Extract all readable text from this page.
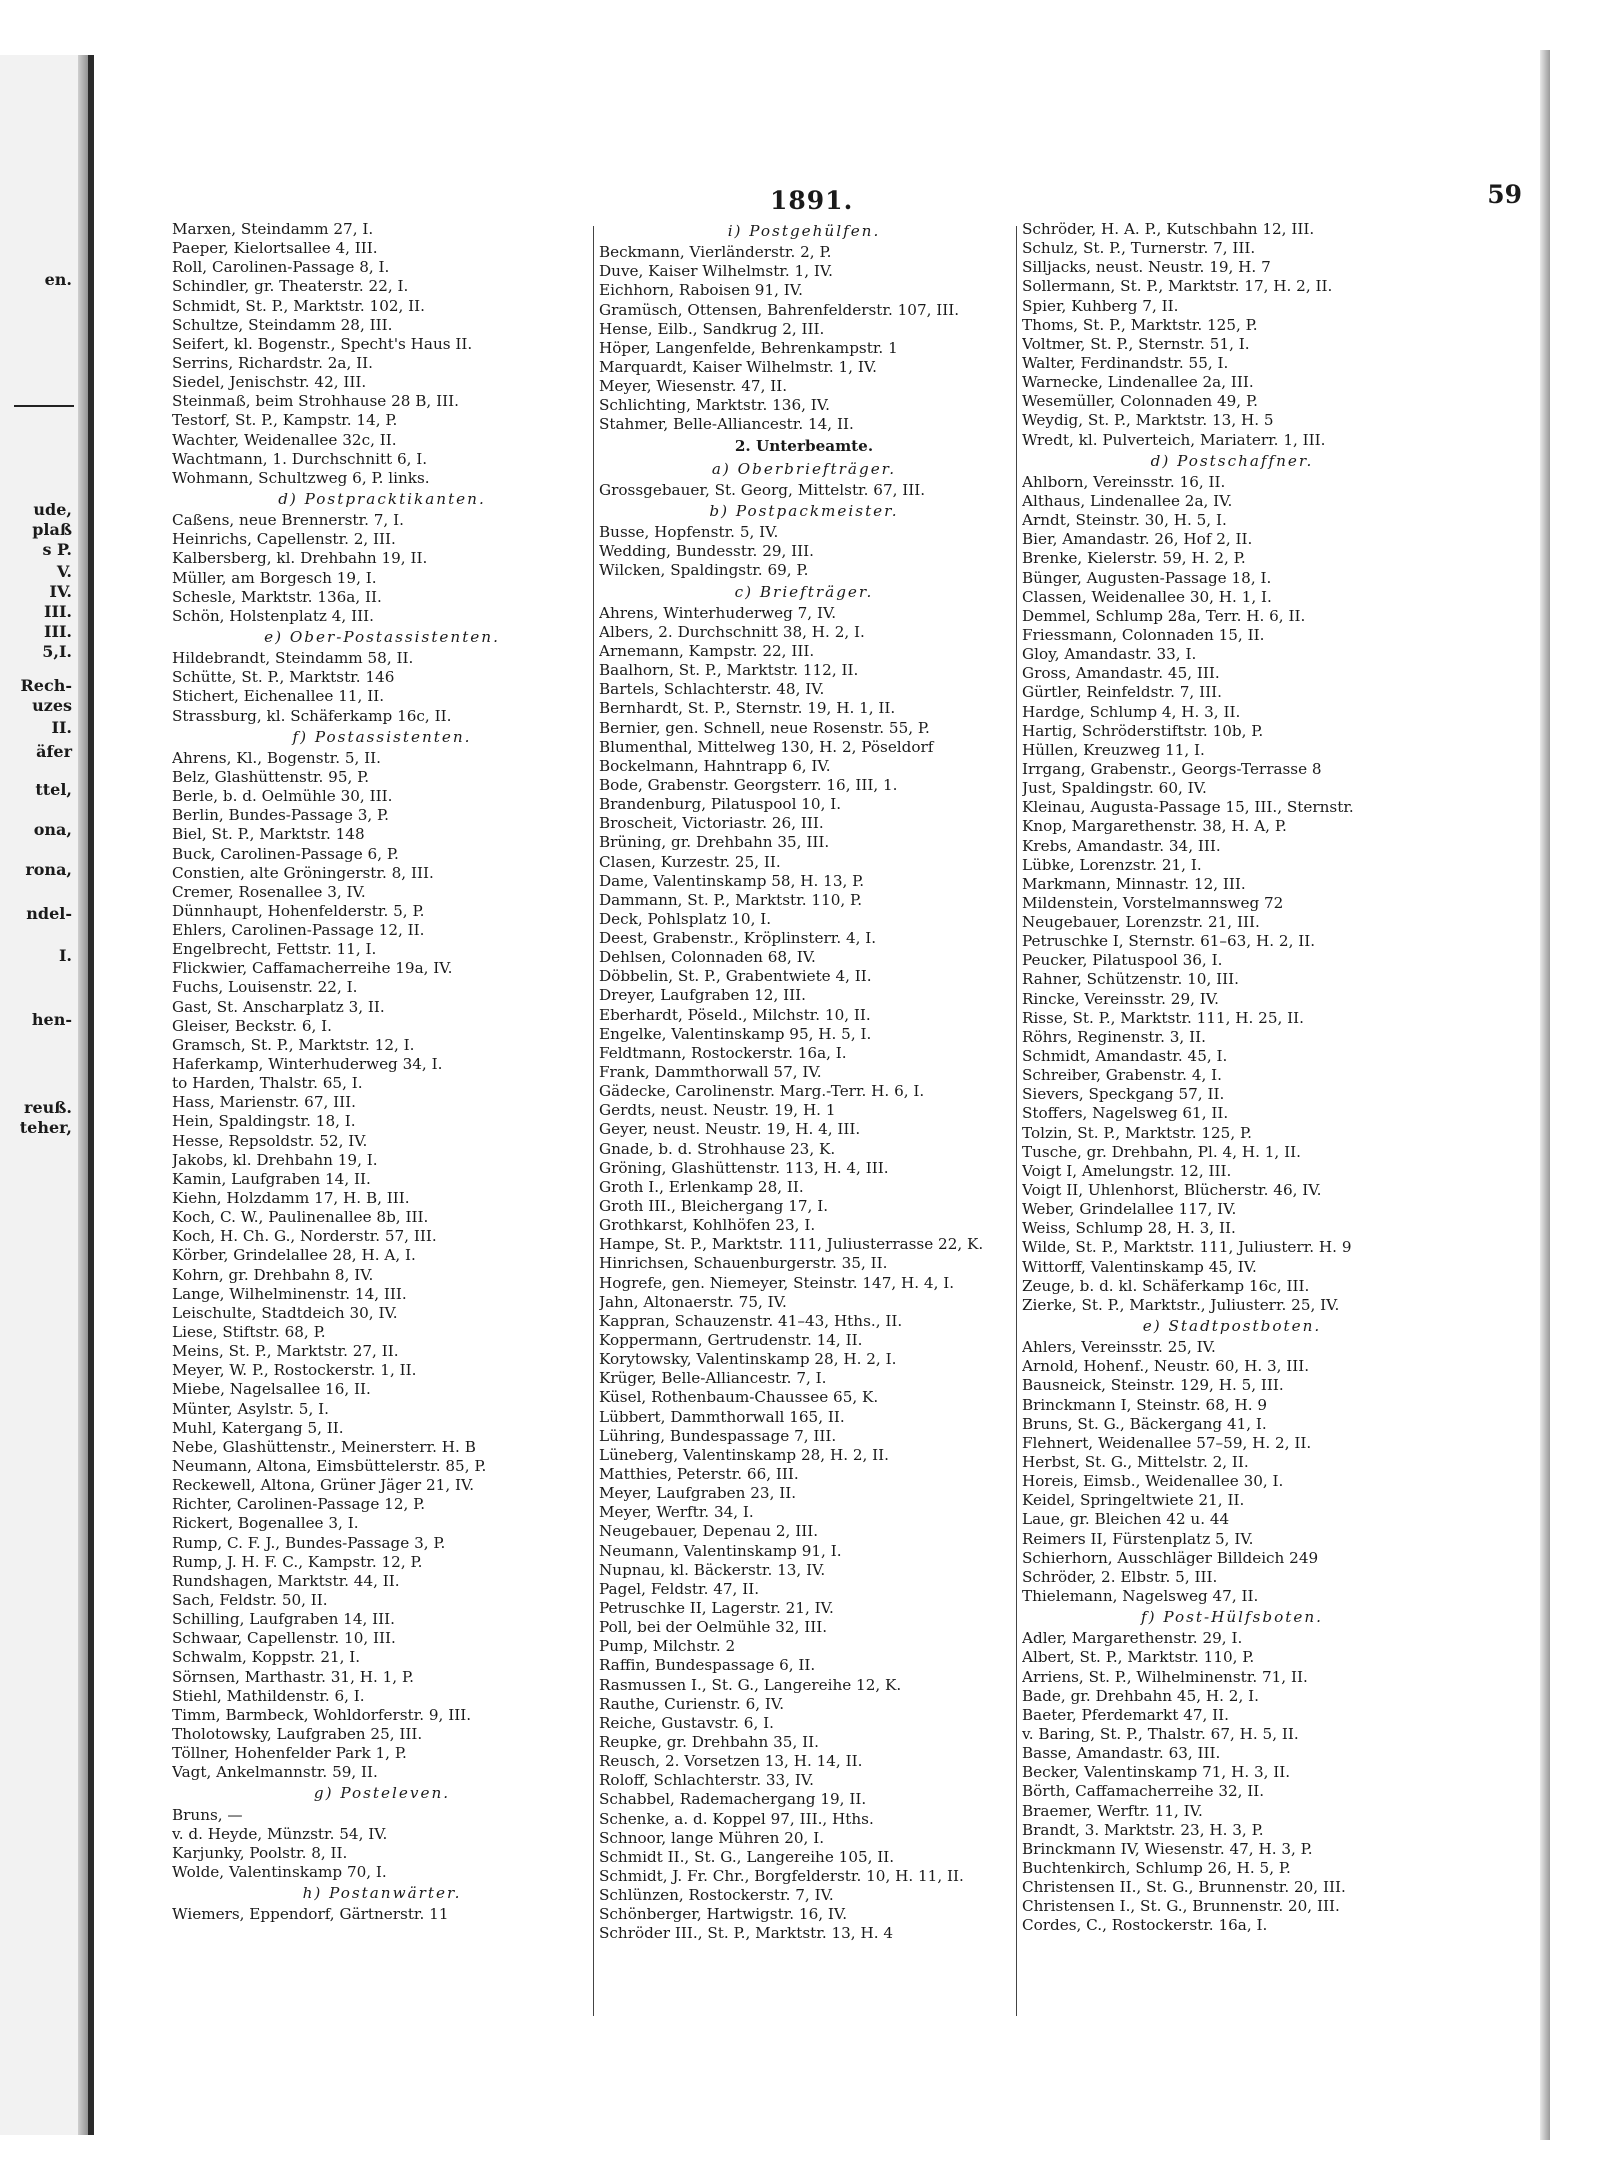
en.
ude,
plaß
s P.
V.
IV.
III.
III.
5,I.
Rech-
uzes
II.
äfer
ttel,
ona,
rona,
ndel-
I.
hen-
reuß.
teher,
1891.	59
Marxen, Steindamm 27, I.
Paeper, Kielortsallee 4, III.
Roll, Carolinen-Passage 8, I.
Schindler, gr. Theaterstr. 22, I.
Schmidt, St. P., Marktstr. 102, II.
Schultze, Steindamm 28, III.
Seifert, kl. Bogenstr., Specht's Haus II.
Serrins, Richardstr. 2a, II.
Siedel, Jenischstr. 42, III.
Steinmaß, beim Strohhause 28 B, III.
Testorf, St. P., Kampstr. 14, P.
Wachter, Weidenallee 32c, II.
Wachtmann, 1. Durchschnitt 6, I.
Wohmann, Schultzweg 6, P. links.
d) Postpracktikanten.
Caßens, neue Brennerstr. 7, I.
Heinrichs, Capellenstr. 2, III.
Kalbersberg, kl. Drehbahn 19, II.
Müller, am Borgesch 19, I.
Schesle, Marktstr. 136a, II.
Schön, Holstenplatz 4, III.
e) Ober-Postassistenten.
Hildebrandt, Steindamm 58, II.
Schütte, St. P., Marktstr. 146
Stichert, Eichenallee 11, II.
Strassburg, kl. Schäferkamp 16c, II.
f) Postassistenten.
Ahrens, Kl., Bogenstr. 5, II.
Belz, Glashüttenstr. 95, P.
Berle, b. d. Oelmühle 30, III.
Berlin, Bundes-Passage 3, P.
Biel, St. P., Marktstr. 148
Buck, Carolinen-Passage 6, P.
Constien, alte Gröningerstr. 8, III.
Cremer, Rosenallee 3, IV.
Dünnhaupt, Hohenfelderstr. 5, P.
Ehlers, Carolinen-Passage 12, II.
Engelbrecht, Fettstr. 11, I.
Flickwier, Caffamacherreihe 19a, IV.
Fuchs, Louisenstr. 22, I.
Gast, St. Anscharplatz 3, II.
Gleiser, Beckstr. 6, I.
Gramsch, St. P., Marktstr. 12, I.
Haferkamp, Winterhuderweg 34, I.
to Harden, Thalstr. 65, I.
Hass, Marienstr. 67, III.
Hein, Spaldingstr. 18, I.
Hesse, Repsoldstr. 52, IV.
Jakobs, kl. Drehbahn 19, I.
Kamin, Laufgraben 14, II.
Kiehn, Holzdamm 17, H. B, III.
Koch, C. W., Paulinenallee 8b, III.
Koch, H. Ch. G., Norderstr. 57, III.
Körber, Grindelallee 28, H. A, I.
Kohrn, gr. Drehbahn 8, IV.
Lange, Wilhelminenstr. 14, III.
Leischulte, Stadtdeich 30, IV.
Liese, Stiftstr. 68, P.
Meins, St. P., Marktstr. 27, II.
Meyer, W. P., Rostockerstr. 1, II.
Miebe, Nagelsallee 16, II.
Münter, Asylstr. 5, I.
Muhl, Katergang 5, II.
Nebe, Glashüttenstr., Meinersterr. H. B
Neumann, Altona, Eimsbüttelerstr. 85, P.
Reckewell, Altona, Grüner Jäger 21, IV.
Richter, Carolinen-Passage 12, P.
Rickert, Bogenallee 3, I.
Rump, C. F. J., Bundes-Passage 3, P.
Rump, J. H. F. C., Kampstr. 12, P.
Rundshagen, Marktstr. 44, II.
Sach, Feldstr. 50, II.
Schilling, Laufgraben 14, III.
Schwaar, Capellenstr. 10, III.
Schwalm, Koppstr. 21, I.
Sörnsen, Marthastr. 31, H. 1, P.
Stiehl, Mathildenstr. 6, I.
Timm, Barmbeck, Wohldorferstr. 9, III.
Tholotowsky, Laufgraben 25, III.
Töllner, Hohenfelder Park 1, P.
Vagt, Ankelmannstr. 59, II.
g) Posteleven.
Bruns, —
v. d. Heyde, Münzstr. 54, IV.
Karjunky, Poolstr. 8, II.
Wolde, Valentinskamp 70, I.
h) Postanwärter.
Wiemers, Eppendorf, Gärtnerstr. 11
i) Postgehülfen.
Beckmann, Vierländerstr. 2, P.
Duve, Kaiser Wilhelmstr. 1, IV.
Eichhorn, Raboisen 91, IV.
Gramüsch, Ottensen, Bahrenfelderstr. 107, III.
Hense, Eilb., Sandkrug 2, III.
Höper, Langenfelde, Behrenkampstr. 1
Marquardt, Kaiser Wilhelmstr. 1, IV.
Meyer, Wiesenstr. 47, II.
Schlichting, Marktstr. 136, IV.
Stahmer, Belle-Alliancestr. 14, II.
2. Unterbeamte.
a) Oberbriefträger.
Grossgebauer, St. Georg, Mittelstr. 67, III.
b) Postpackmeister.
Busse, Hopfenstr. 5, IV.
Wedding, Bundesstr. 29, III.
Wilcken, Spaldingstr. 69, P.
c) Briefträger.
Ahrens, Winterhuderweg 7, IV.
Albers, 2. Durchschnitt 38, H. 2, I.
Arnemann, Kampstr. 22, III.
Baalhorn, St. P., Marktstr. 112, II.
Bartels, Schlachterstr. 48, IV.
Bernhardt, St. P., Sternstr. 19, H. 1, II.
Bernier, gen. Schnell, neue Rosenstr. 55, P.
Blumenthal, Mittelweg 130, H. 2, Pöseldorf
Bockelmann, Hahntrapp 6, IV.
Bode, Grabenstr. Georgsterr. 16, III, 1.
Brandenburg, Pilatuspool 10, I.
Broscheit, Victoriastr. 26, III.
Brüning, gr. Drehbahn 35, III.
Clasen, Kurzestr. 25, II.
Dame, Valentinskamp 58, H. 13, P.
Dammann, St. P., Marktstr. 110, P.
Deck, Pohlsplatz 10, I.
Deest, Grabenstr., Kröplinsterr. 4, I.
Dehlsen, Colonnaden 68, IV.
Döbbelin, St. P., Grabentwiete 4, II.
Dreyer, Laufgraben 12, III.
Eberhardt, Pöseld., Milchstr. 10, II.
Engelke, Valentinskamp 95, H. 5, I.
Feldtmann, Rostockerstr. 16a, I.
Frank, Dammthorwall 57, IV.
Gädecke, Carolinenstr. Marg.-Terr. H. 6, I.
Gerdts, neust. Neustr. 19, H. 1
Geyer, neust. Neustr. 19, H. 4, III.
Gnade, b. d. Strohhause 23, K.
Gröning, Glashüttenstr. 113, H. 4, III.
Groth I., Erlenkamp 28, II.
Groth III., Bleichergang 17, I.
Grothkarst, Kohlhöfen 23, I.
Hampe, St. P., Marktstr. 111, Juliusterrasse 22, K.
Hinrichsen, Schauenburgerstr. 35, II.
Hogrefe, gen. Niemeyer, Steinstr. 147, H. 4, I.
Jahn, Altonaerstr. 75, IV.
Kappran, Schauzenstr. 41–43, Hths., II.
Koppermann, Gertrudenstr. 14, II.
Korytowsky, Valentinskamp 28, H. 2, I.
Krüger, Belle-Alliancestr. 7, I.
Küsel, Rothenbaum-Chaussee 65, K.
Lübbert, Dammthorwall 165, II.
Lühring, Bundespassage 7, III.
Lüneberg, Valentinskamp 28, H. 2, II.
Matthies, Peterstr. 66, III.
Meyer, Laufgraben 23, II.
Meyer, Werftr. 34, I.
Neugebauer, Depenau 2, III.
Neumann, Valentinskamp 91, I.
Nupnau, kl. Bäckerstr. 13, IV.
Pagel, Feldstr. 47, II.
Petruschke II, Lagerstr. 21, IV.
Poll, bei der Oelmühle 32, III.
Pump, Milchstr. 2
Raffin, Bundespassage 6, II.
Rasmussen I., St. G., Langereihe 12, K.
Rauthe, Curienstr. 6, IV.
Reiche, Gustavstr. 6, I.
Reupke, gr. Drehbahn 35, II.
Reusch, 2. Vorsetzen 13, H. 14, II.
Roloff, Schlachterstr. 33, IV.
Schabbel, Rademachergang 19, II.
Schenke, a. d. Koppel 97, III., Hths.
Schnoor, lange Mühren 20, I.
Schmidt II., St. G., Langereihe 105, II.
Schmidt, J. Fr. Chr., Borgfelderstr. 10, H. 11, II.
Schlünzen, Rostockerstr. 7, IV.
Schönberger, Hartwigstr. 16, IV.
Schröder III., St. P., Marktstr. 13, H. 4
Schröder, H. A. P., Kutschbahn 12, III.
Schulz, St. P., Turnerstr. 7, III.
Silljacks, neust. Neustr. 19, H. 7
Sollermann, St. P., Marktstr. 17, H. 2, II.
Spier, Kuhberg 7, II.
Thoms, St. P., Marktstr. 125, P.
Voltmer, St. P., Sternstr. 51, I.
Walter, Ferdinandstr. 55, I.
Warnecke, Lindenallee 2a, III.
Wesemüller, Colonnaden 49, P.
Weydig, St. P., Marktstr. 13, H. 5
Wredt, kl. Pulverteich, Mariaterr. 1, III.
d) Postschaffner.
Ahlborn, Vereinsstr. 16, II.
Althaus, Lindenallee 2a, IV.
Arndt, Steinstr. 30, H. 5, I.
Bier, Amandastr. 26, Hof 2, II.
Brenke, Kielerstr. 59, H. 2, P.
Bünger, Augusten-Passage 18, I.
Classen, Weidenallee 30, H. 1, I.
Demmel, Schlump 28a, Terr. H. 6, II.
Friessmann, Colonnaden 15, II.
Gloy, Amandastr. 33, I.
Gross, Amandastr. 45, III.
Gürtler, Reinfeldstr. 7, III.
Hardge, Schlump 4, H. 3, II.
Hartig, Schröderstiftstr. 10b, P.
Hüllen, Kreuzweg 11, I.
Irrgang, Grabenstr., Georgs-Terrasse 8
Just, Spaldingstr. 60, IV.
Kleinau, Augusta-Passage 15, III., Sternstr.
Knop, Margarethenstr. 38, H. A, P.
Krebs, Amandastr. 34, III.
Lübke, Lorenzstr. 21, I.
Markmann, Minnastr. 12, III.
Mildenstein, Vorstelmannsweg 72
Neugebauer, Lorenzstr. 21, III.
Petruschke I, Sternstr. 61–63, H. 2, II.
Peucker, Pilatuspool 36, I.
Rahner, Schützenstr. 10, III.
Rincke, Vereinsstr. 29, IV.
Risse, St. P., Marktstr. 111, H. 25, II.
Röhrs, Reginenstr. 3, II.
Schmidt, Amandastr. 45, I.
Schreiber, Grabenstr. 4, I.
Sievers, Speckgang 57, II.
Stoffers, Nagelsweg 61, II.
Tolzin, St. P., Marktstr. 125, P.
Tusche, gr. Drehbahn, Pl. 4, H. 1, II.
Voigt I, Amelungstr. 12, III.
Voigt II, Uhlenhorst, Blücherstr. 46, IV.
Weber, Grindelallee 117, IV.
Weiss, Schlump 28, H. 3, II.
Wilde, St. P., Marktstr. 111, Juliusterr. H. 9
Wittorff, Valentinskamp 45, IV.
Zeuge, b. d. kl. Schäferkamp 16c, III.
Zierke, St. P., Marktstr., Juliusterr. 25, IV.
e) Stadtpostboten.
Ahlers, Vereinsstr. 25, IV.
Arnold, Hohenf., Neustr. 60, H. 3, III.
Bausneick, Steinstr. 129, H. 5, III.
Brinckmann I, Steinstr. 68, H. 9
Bruns, St. G., Bäckergang 41, I.
Flehnert, Weidenallee 57–59, H. 2, II.
Herbst, St. G., Mittelstr. 2, II.
Horeis, Eimsb., Weidenallee 30, I.
Keidel, Springeltwiete 21, II.
Laue, gr. Bleichen 42 u. 44
Reimers II, Fürstenplatz 5, IV.
Schierhorn, Ausschläger Billdeich 249
Schröder, 2. Elbstr. 5, III.
Thielemann, Nagelsweg 47, II.
f) Post-Hülfsboten.
Adler, Margarethenstr. 29, I.
Albert, St. P., Marktstr. 110, P.
Arriens, St. P., Wilhelminenstr. 71, II.
Bade, gr. Drehbahn 45, H. 2, I.
Baeter, Pferdemarkt 47, II.
v. Baring, St. P., Thalstr. 67, H. 5, II.
Basse, Amandastr. 63, III.
Becker, Valentinskamp 71, H. 3, II.
Börth, Caffamacherreihe 32, II.
Braemer, Werftr. 11, IV.
Brandt, 3. Marktstr. 23, H. 3, P.
Brinckmann IV, Wiesenstr. 47, H. 3, P.
Buchtenkirch, Schlump 26, H. 5, P.
Christensen II., St. G., Brunnenstr. 20, III.
Christensen I., St. G., Brunnenstr. 20, III.
Cordes, C., Rostockerstr. 16a, I.
